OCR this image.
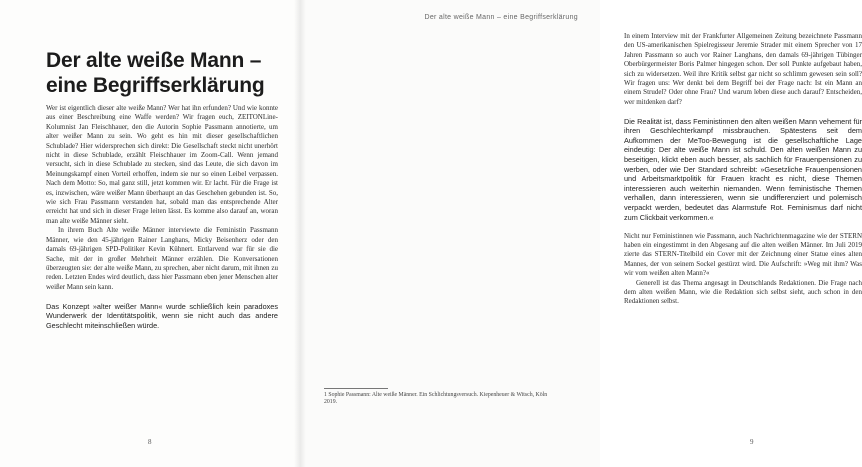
Der alte weiße Mann – eine Begriffserklärung

Wer ist eigentlich dieser alte weiße Mann? Wer hat ihn erfunden? Und wie konnte aus einer Beschreibung eine Waffe werden? Wir fragen euch, ZEITONLine-Kolumnist Jan Fleischhauer, den die Autorin Sophie Passmann annotierte, um alter weißer Mann zu sein. Wo geht es hin mit dieser gesellschaftlichen Schublade? Hier widersprechen sich direkt: Die Gesellschaft steckt nicht unerhört nicht in diese Schublade, erzählt Fleischhauer im Zoom-Call. Wenn jemand versucht, sich in diese Schublade zu stecken, sind das Leute, die sich davon im Meinungskampf einen Vorteil erhoffen, indem sie nur so einen Leibel verpassen. Nach dem Motto: So, mal ganz still, jetzt kommen wir. Er lacht. Für die Frage ist es, inzwischen, wäre weißer Mann überhaupt an das Geschehen gebunden ist. So, wie sich Frau Passmann verstanden hat, sobald man das entsprechende Alter erreicht hat und sich in dieser Frage leiten lässt. Es komme also darauf an, woran man alte weiße Männer sieht.

In ihrem Buch Alte weiße Männer interviewte die Feministin Passmann Männer, wie den 45-jährigen Rainer Langhans, Micky Beisenherz oder den damals 69-jährigen SPD-Politiker Kevin Kühnert. Entlarvend war für sie die Sache, mit der in großer Mehrheit Männer erzählen. Die Konversationen überzeugten sie: der alte weiße Mann, zu sprechen, aber nicht darum, mit ihnen zu reden. Letzten Endes wird deutlich, dass hier Passmann eben jener Menschen alter weißer Mann sein kann.

Das Konzept »alter weißer Mann« wurde schließlich kein paradoxes Wunderwerk der Identitätspolitik, wenn sie nicht auch das andere Geschlecht miteinschließen würde.

8
Der alte weiße Mann – eine Begriffserklärung

In einem Interview mit der Frankfurter Allgemeinen Zeitung bezeichnete Passmann den US-amerikanischen Spielregisseur Jeremie Strader mit einem Sprecher von 17 Jahren Passmann so auch vor Rainer Langhans, den damals 69-jährigen Tübinger Oberbürgermeister Boris Palmer hingegen schon. Der soll Punkte aufgebaut haben, sich zu widersetzen. Weil ihre Kritik selbst gar nicht so schlimm gewesen sein soll? Wir fragen uns: Wer denkt bei dem Begriff bei der Frage nach: Ist ein Mann an einem Strudel? Oder ohne Frau? Und warum leben diese auch darauf? Entscheiden, wer mitdenken darf?

Die Realität ist, dass Feministinnen den alten weißen Mann vehement für ihren Geschlechterkampf missbrauchen. Spätestens seit dem Aufkommen der MeToo-Bewegung ist die gesellschaftliche Lage eindeutig: Der alte weiße Mann ist schuld. Den alten weißen Mann zu beseitigen, klickt eben auch besser, als sachlich für Frauenpensionen zu werben, oder wie Der Standard schreibt: »Gesetzliche Frauenpensionen und Arbeitsmarktpolitik für Frauen kracht es nicht, diese Themen interessieren auch weiterhin niemanden. Wenn feministische Themen verhallen, dann interessieren, wenn sie undifferenziert und polemisch verpackt werden, bedeutet das Alarmstufe Rot. Feminismus darf nicht zum Clickbait verkommen.«

Nicht nur Feministinnen wie Passmann, auch Nachrichtenmagazine wie der STERN haben ein eingestimmt in den Abgesang auf die alten weißen Männer. Im Juli 2019 zierte das STERN-Titelbild ein Cover mit der Zeichnung einer Statue eines alten Mannes, der von seinem Sockel gestürzt wird. Die Aufschrift: »Weg mit ihm? Was wir vom weißen alten Mann?«

Generell ist das Thema angesagt in Deutschlands Redaktionen. Die Frage nach dem alten weißen Mann, wie die Redaktion sich selbst sieht, auch schon in den Redaktionen selbst.

9
1 Sophie Passmann: Alte weiße Männer. Ein Schlichtungsversuch. Kiepenheuer & Witsch, Köln 2019.
